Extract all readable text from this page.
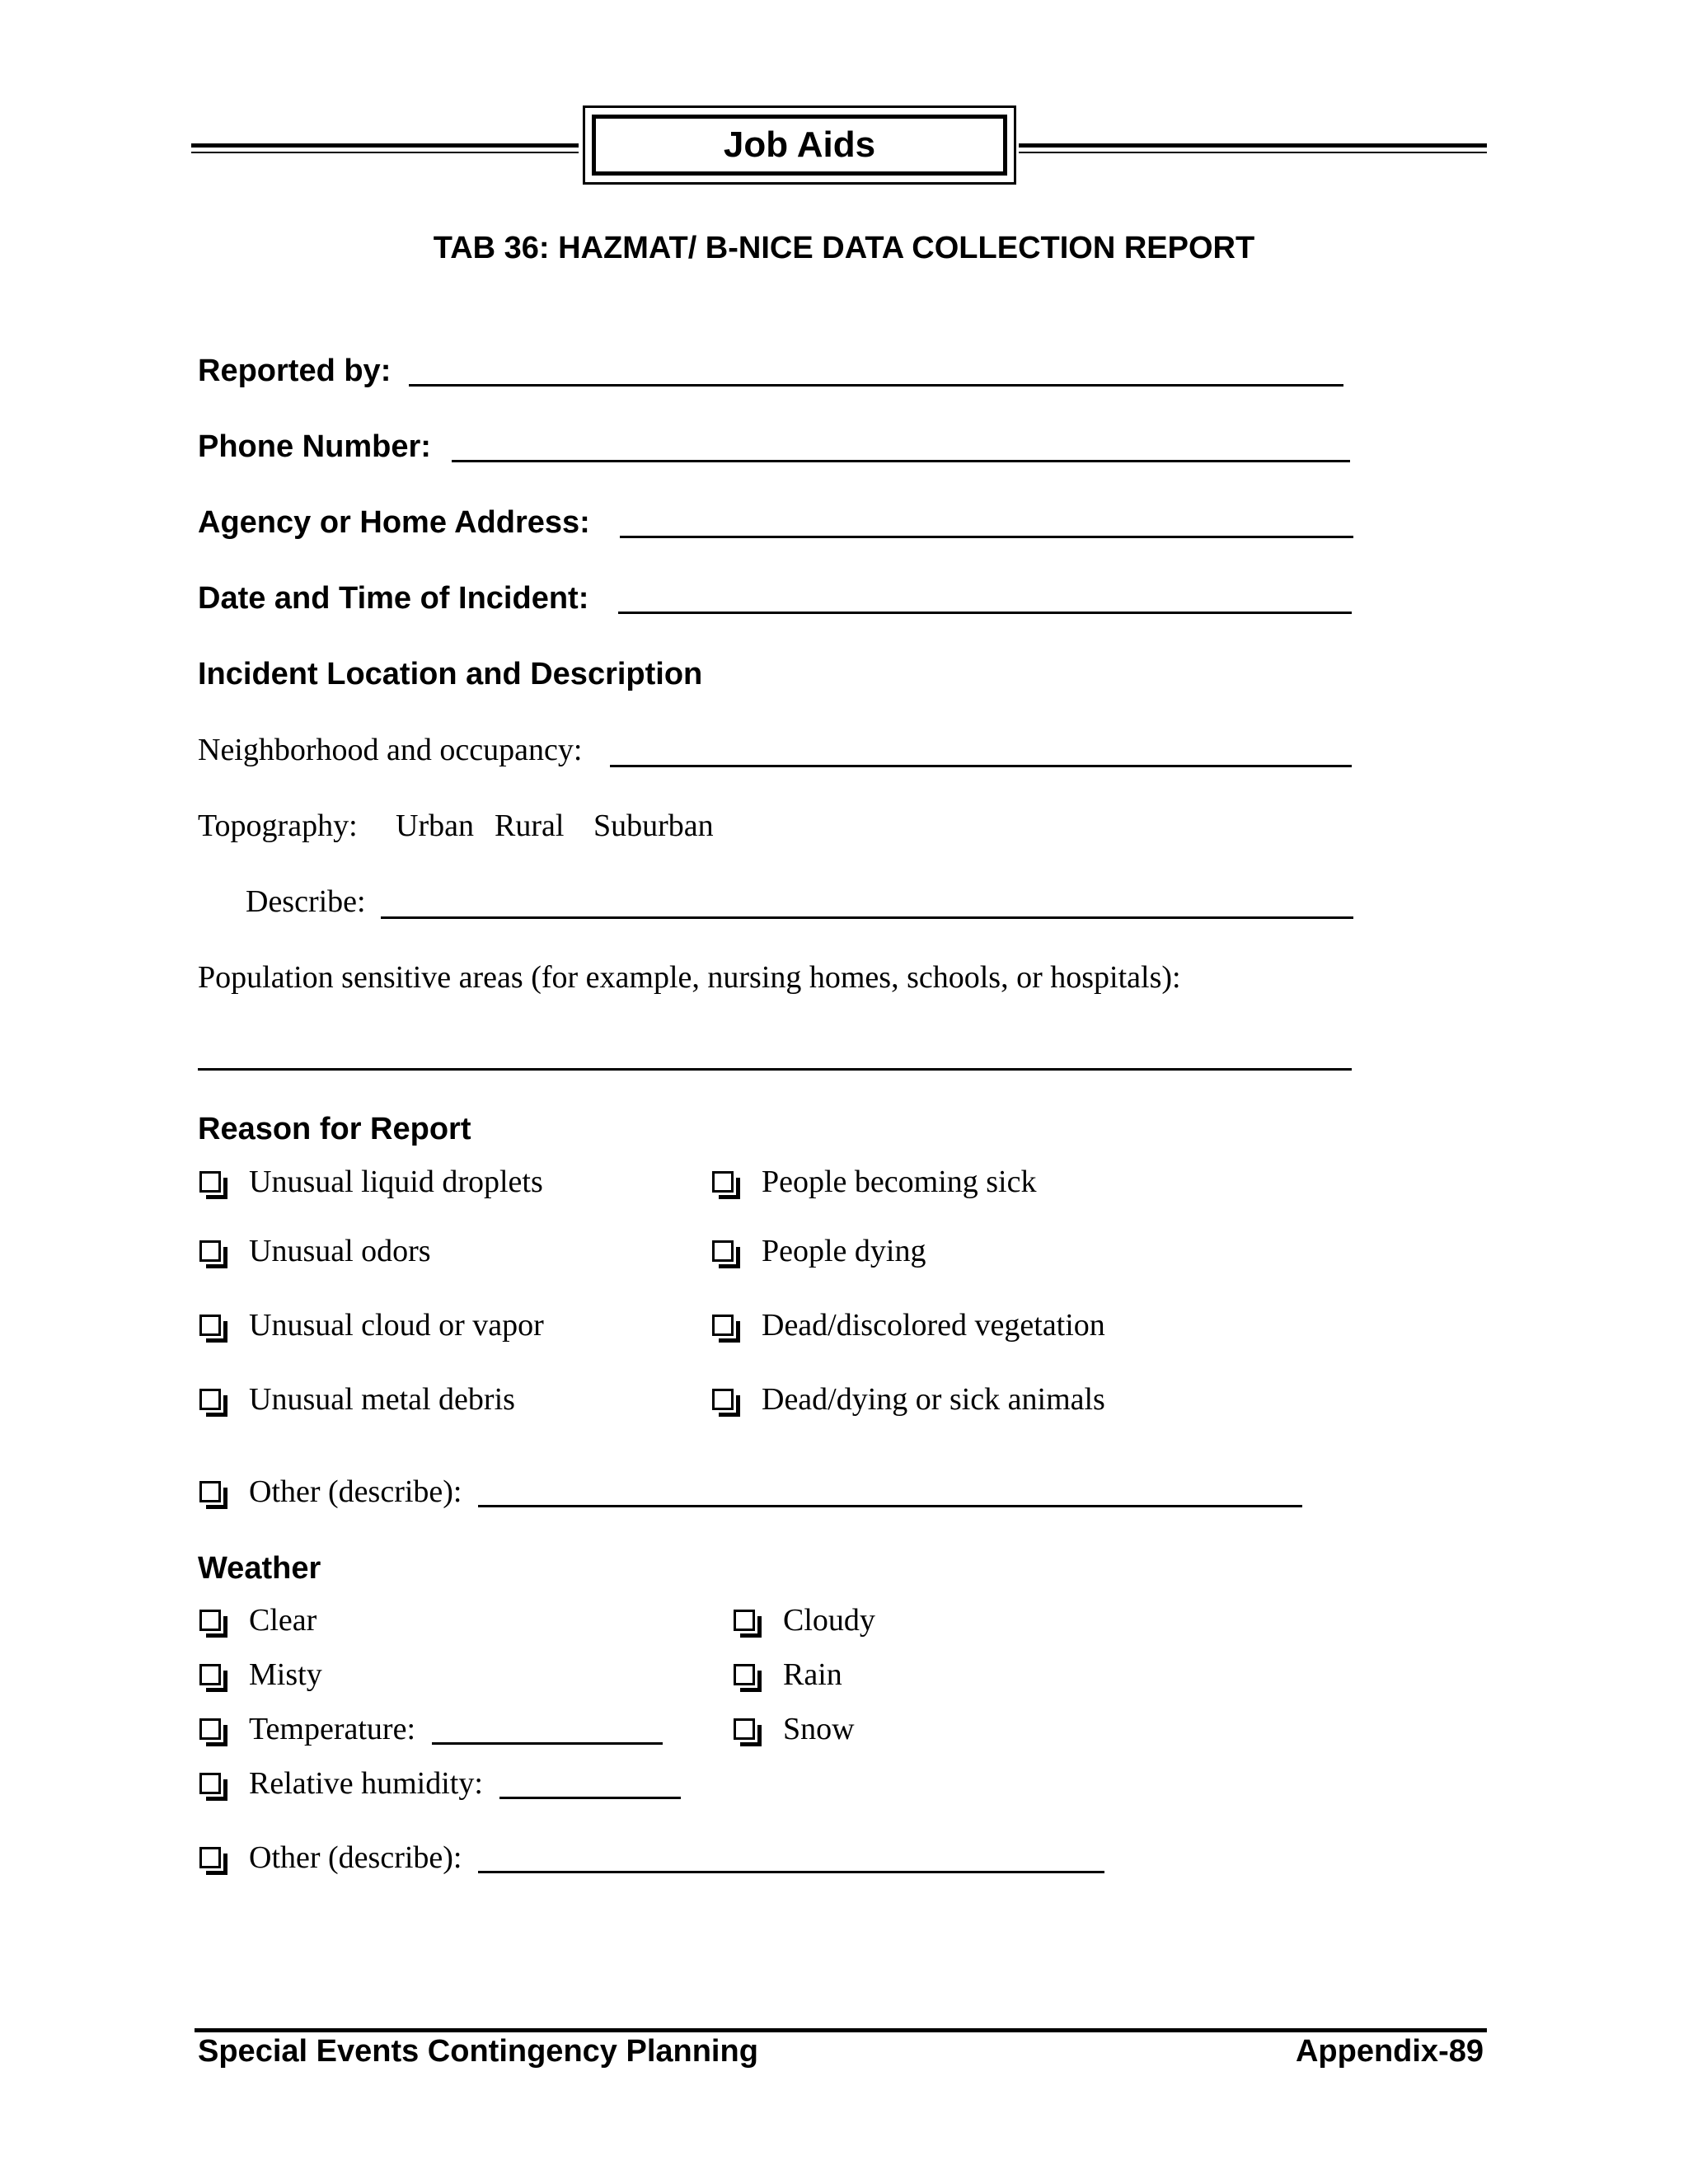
Job Aids
TAB 36: HAZMAT/ B-NICE DATA COLLECTION REPORT
Reported by:
Phone Number:
Agency or Home Address:
Date and Time of Incident:
Incident Location and Description
Neighborhood and occupancy:
Topography: Urban Rural Suburban
Describe:
Population sensitive areas (for example, nursing homes, schools, or hospitals):
Reason for Report
Unusual liquid droplets
Unusual odors
Unusual cloud or vapor
Unusual metal debris
People becoming sick
People dying
Dead/discolored vegetation
Dead/dying or sick animals
Other (describe):
Weather
Clear
Misty
Temperature:
Relative humidity:
Cloudy
Rain
Snow
Other (describe):
Special Events Contingency Planning	Appendix-89
